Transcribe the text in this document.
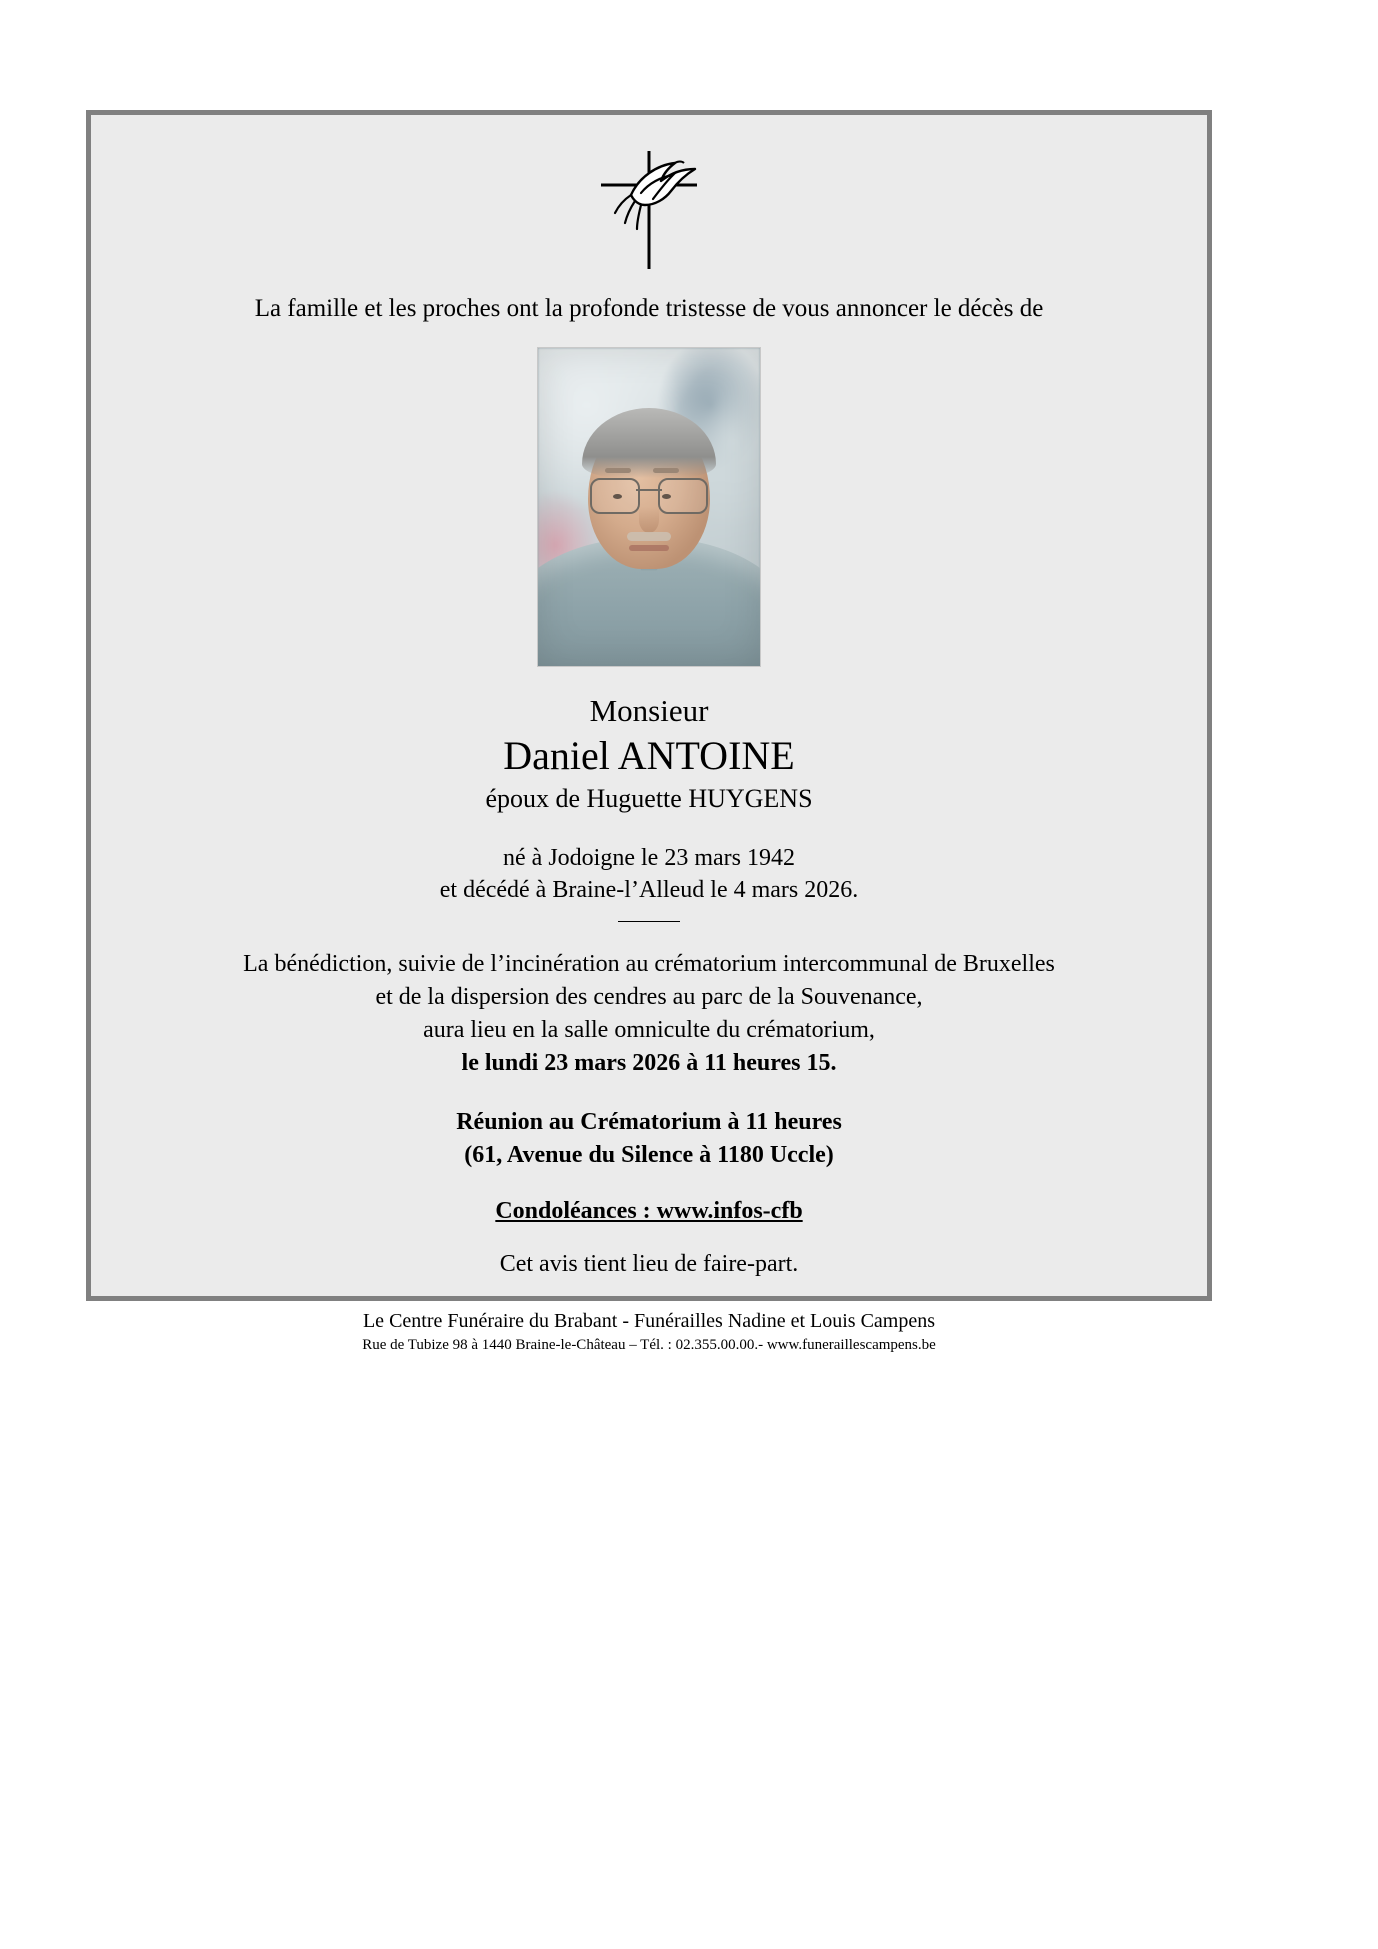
La famille et les proches ont la profonde tristesse de vous annoncer le décès de
Monsieur
Daniel ANTOINE
époux de Huguette HUYGENS
né à Jodoigne le 23 mars 1942
et décédé à Braine-l’Alleud le 4 mars 2026.
La bénédiction, suivie de l’incinération au crématorium intercommunal de Bruxelles
et de la dispersion des cendres au parc de la Souvenance,
aura lieu en la salle omniculte du crématorium,
le lundi 23 mars 2026 à 11 heures 15.
Réunion au Crématorium à 11 heures
(61, Avenue du Silence à 1180 Uccle)
Condoléances : www.infos-cfb
Cet avis tient lieu de faire-part.
Le Centre Funéraire du Brabant - Funérailles Nadine et Louis Campens
Rue de Tubize 98 à 1440 Braine-le-Château – Tél. : 02.355.00.00.- www.funeraillescampens.be
